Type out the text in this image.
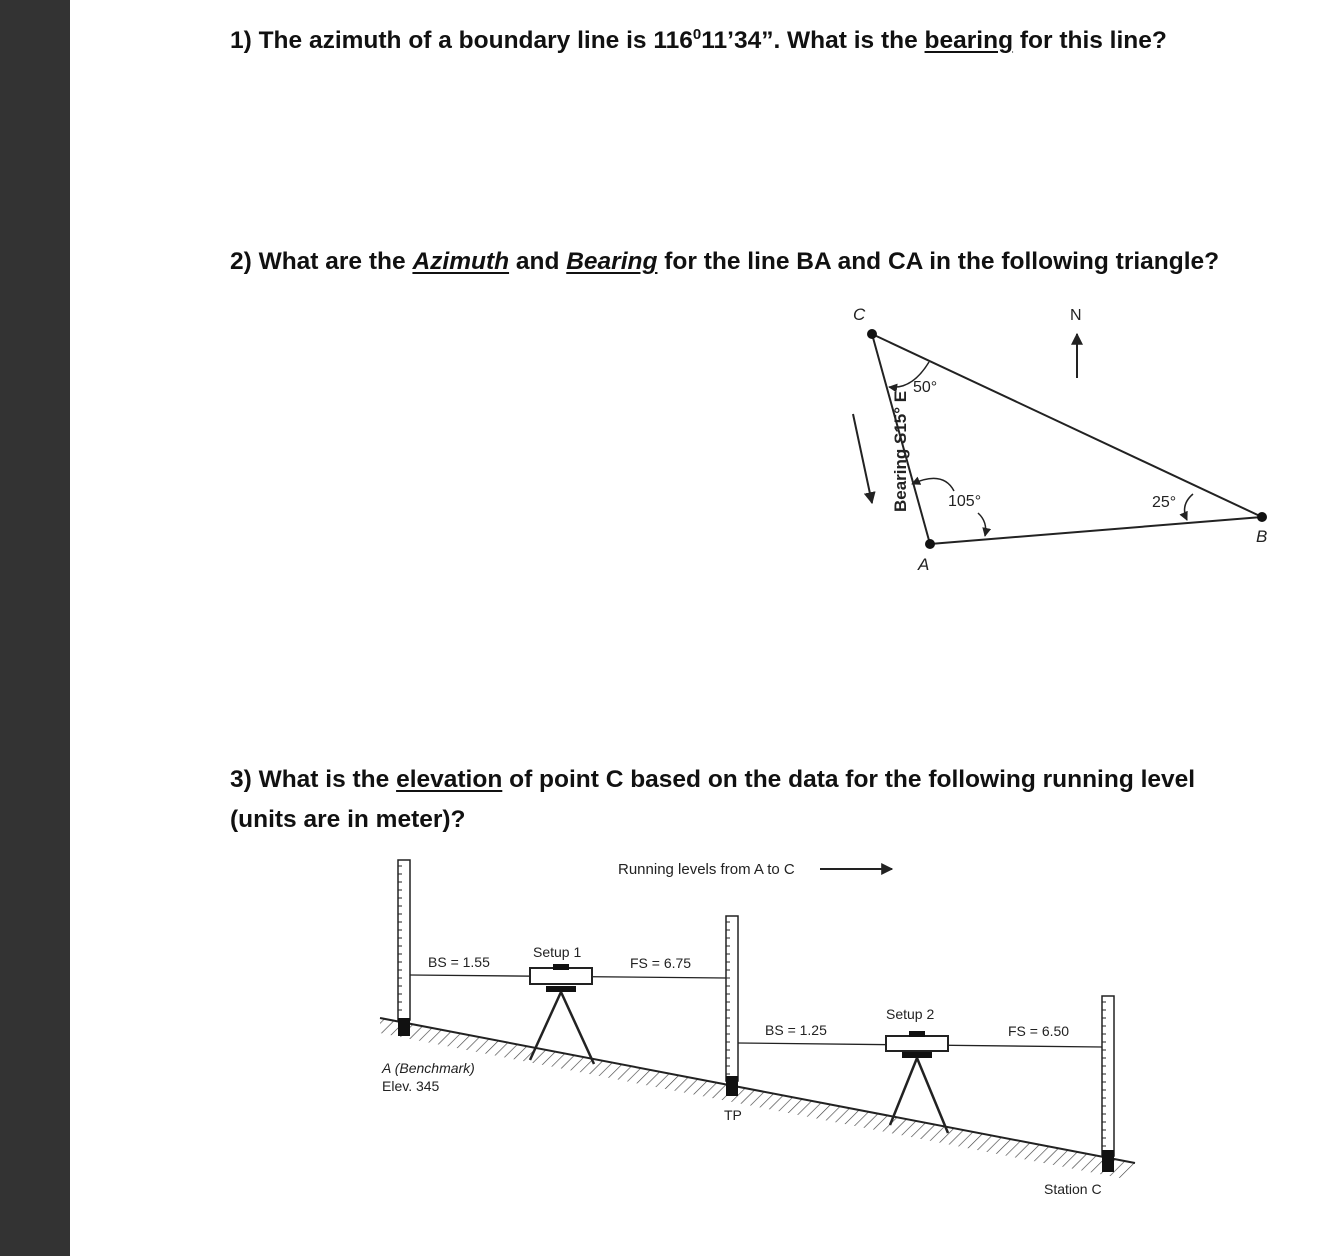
1) The azimuth of a boundary line is $116^011’34$”. What is the bearing for this line?

2) What are the Azimuth and Bearing for the line BA and CA in the following triangle?

C
A
B
N
50°
105°	25°
Bearing S15° E

3) What is the elevation of point C based on the data for the following running level

(units are in meter)?

Running levels from A to C
BS = 1.55
Setup 1
FS = 6.75
BS = 1.25
Setup 2
FS = 6.50
A (Benchmark)
Elev. 345
TP
Station C
